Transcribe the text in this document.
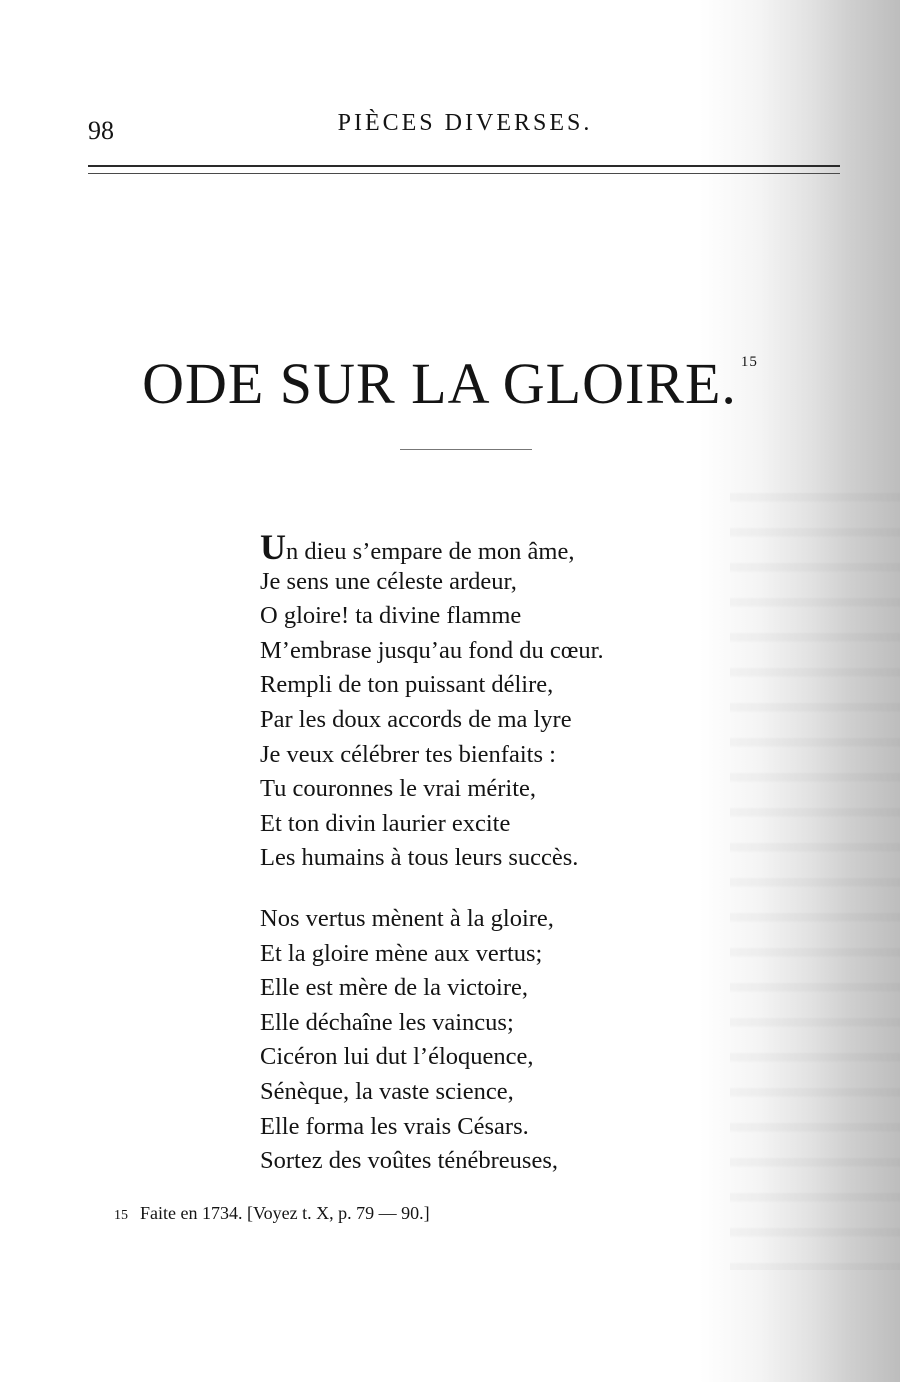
98	PIÈCES DIVERSES.
ODE SUR LA GLOIRE. $^{15}$
Un dieu s’empare de mon âme,
Je sens une céleste ardeur,
O gloire! ta divine flamme
M’embrase jusqu’au fond du cœur.
Rempli de ton puissant délire,
Par les doux accords de ma lyre
Je veux célébrer tes bienfaits :
Tu couronnes le vrai mérite,
Et ton divin laurier excite
Les humains à tous leurs succès.
Nos vertus mènent à la gloire,
Et la gloire mène aux vertus;
Elle est mère de la victoire,
Elle déchaîne les vaincus;
Cicéron lui dut l’éloquence,
Sénèque, la vaste science,
Elle forma les vrais Césars.
Sortez des voûtes ténébreuses,
15 Faite en 1734. [Voyez t. X, p. 79 — 90.]
